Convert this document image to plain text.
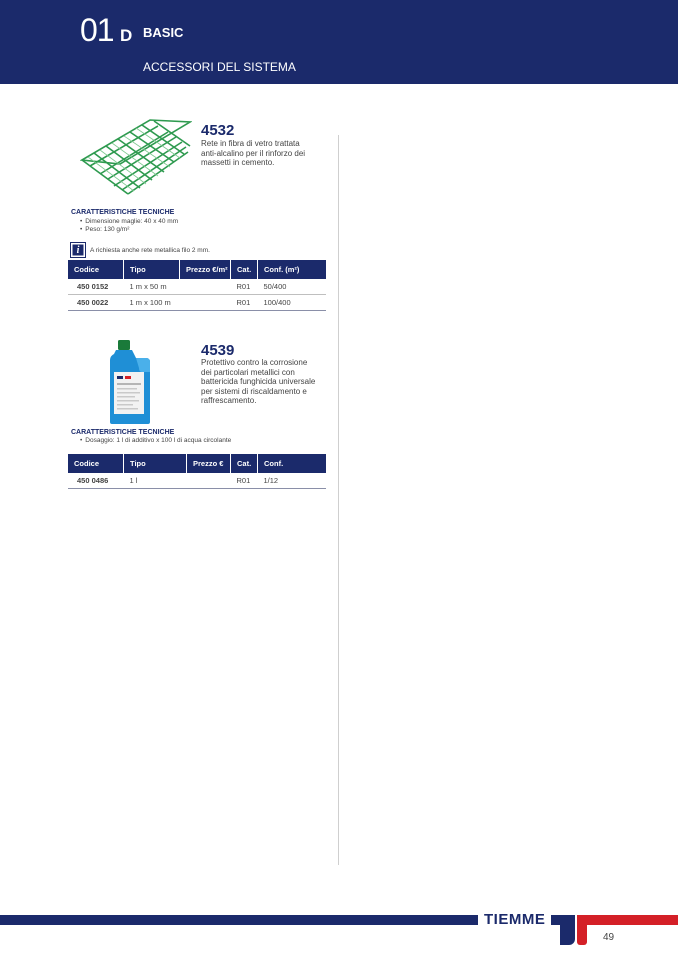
01 D BASIC
ACCESSORI DEL SISTEMA
4532
Rete in fibra di vetro trattata
anti-alcalino per il rinforzo dei
massetti in cemento.
CARATTERISTICHE TECNICHE
• Dimensione maglie: 40 x 40 mm
• Peso: 130 g/m²
i	A richiesta anche rete metallica filo 2 mm.
Codice	Tipo	Prezzo €/m²	Cat.	Conf. (m²)
450 0152	1 m x 50 m		R01	50/400
450 0022	1 m x 100 m		R01	100/400
4539
Protettivo contro la corrosione
dei particolari metallici con
battericida funghicida universale
per sistemi di riscaldamento e
raffrescamento.
CARATTERISTICHE TECNICHE
• Dosaggio: 1 l di additivo x 100 l di acqua circolante
Codice	Tipo	Prezzo €	Cat.	Conf.
450 0486	1 l		R01	1/12
TIEMME
49
